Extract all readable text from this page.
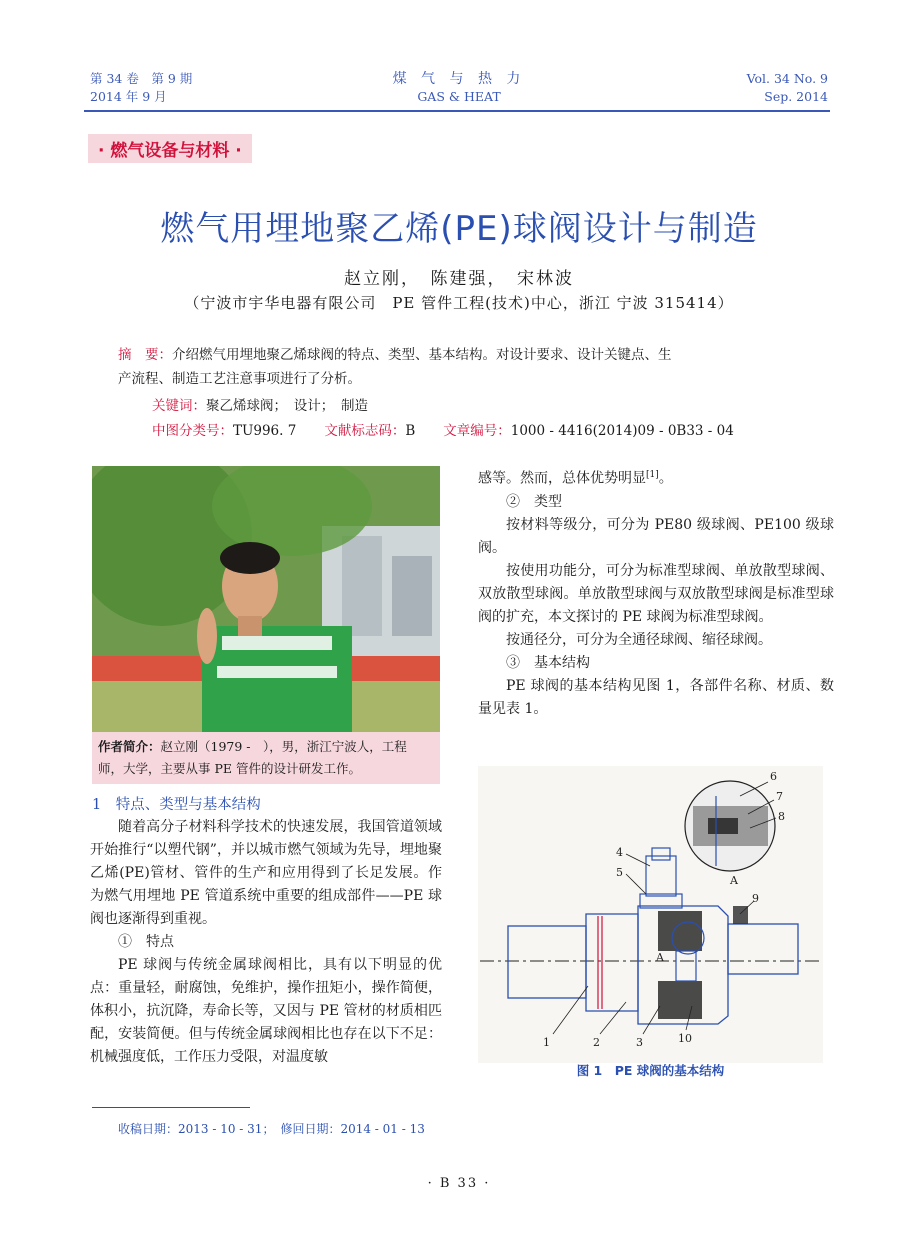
第 34 卷　第 9 期
2014 年 9 月
煤 气 与 热 力
GAS & HEAT
Vol. 34 No. 9
Sep. 2014
· 燃气设备与材料 ·
燃气用埋地聚乙烯(PE)球阀设计与制造
赵立刚，　陈建强，　宋林波
（宁波市宇华电器有限公司　PE 管件工程(技术)中心，浙江 宁波 315414）
摘　要：介绍燃气用埋地聚乙烯球阀的特点、类型、基本结构。对设计要求、设计关键点、生
产流程、制造工艺注意事项进行了分析。
关键词：聚乙烯球阀；　设计；　制造
中图分类号：TU996. 7 文献标志码：B 文章编号：1000 - 4416(2014)09 - 0B33 - 04
作者简介：赵立刚（1979 -　），男，浙江宁波人，工程
师，大学，主要从事 PE 管件的设计研发工作。
1　特点、类型与基本结构

随着高分子材料科学技术的快速发展，我国管道领域开始推行“以塑代钢”，并以城市燃气领域为先导，埋地聚乙烯(PE)管材、管件的生产和应用得到了长足发展。作为燃气用埋地 PE 管道系统中重要的组成部件——PE 球阀也逐渐得到重视。

①　特点

PE 球阀与传统金属球阀相比，具有以下明显的优点：重量轻，耐腐蚀，免维护，操作扭矩小，操作简便，体积小，抗沉降，寿命长等，又因与 PE 管材的材质相匹配，安装简便。但与传统金属球阀相比也存在以下不足：机械强度低，工作压力受限，对温度敏

感等。然而，总体优势明显[1]。

②　类型

按材料等级分，可分为 PE80 级球阀、PE100 级球阀。

按使用功能分，可分为标准型球阀、单放散型球阀、双放散型球阀。单放散型球阀与双放散型球阀是标准型球阀的扩充，本文探讨的 PE 球阀为标准型球阀。

按通径分，可分为全通径球阀、缩径球阀。

③　基本结构

PE 球阀的基本结构见图 1，各部件名称、材质、数量见表 1。

6
7
8
A
4
5
9
A
1	2	3	10
图 1　PE 球阀的基本结构
收稿日期：2013 - 10 - 31；　修回日期：2014 - 01 - 13
· B 33 ·
